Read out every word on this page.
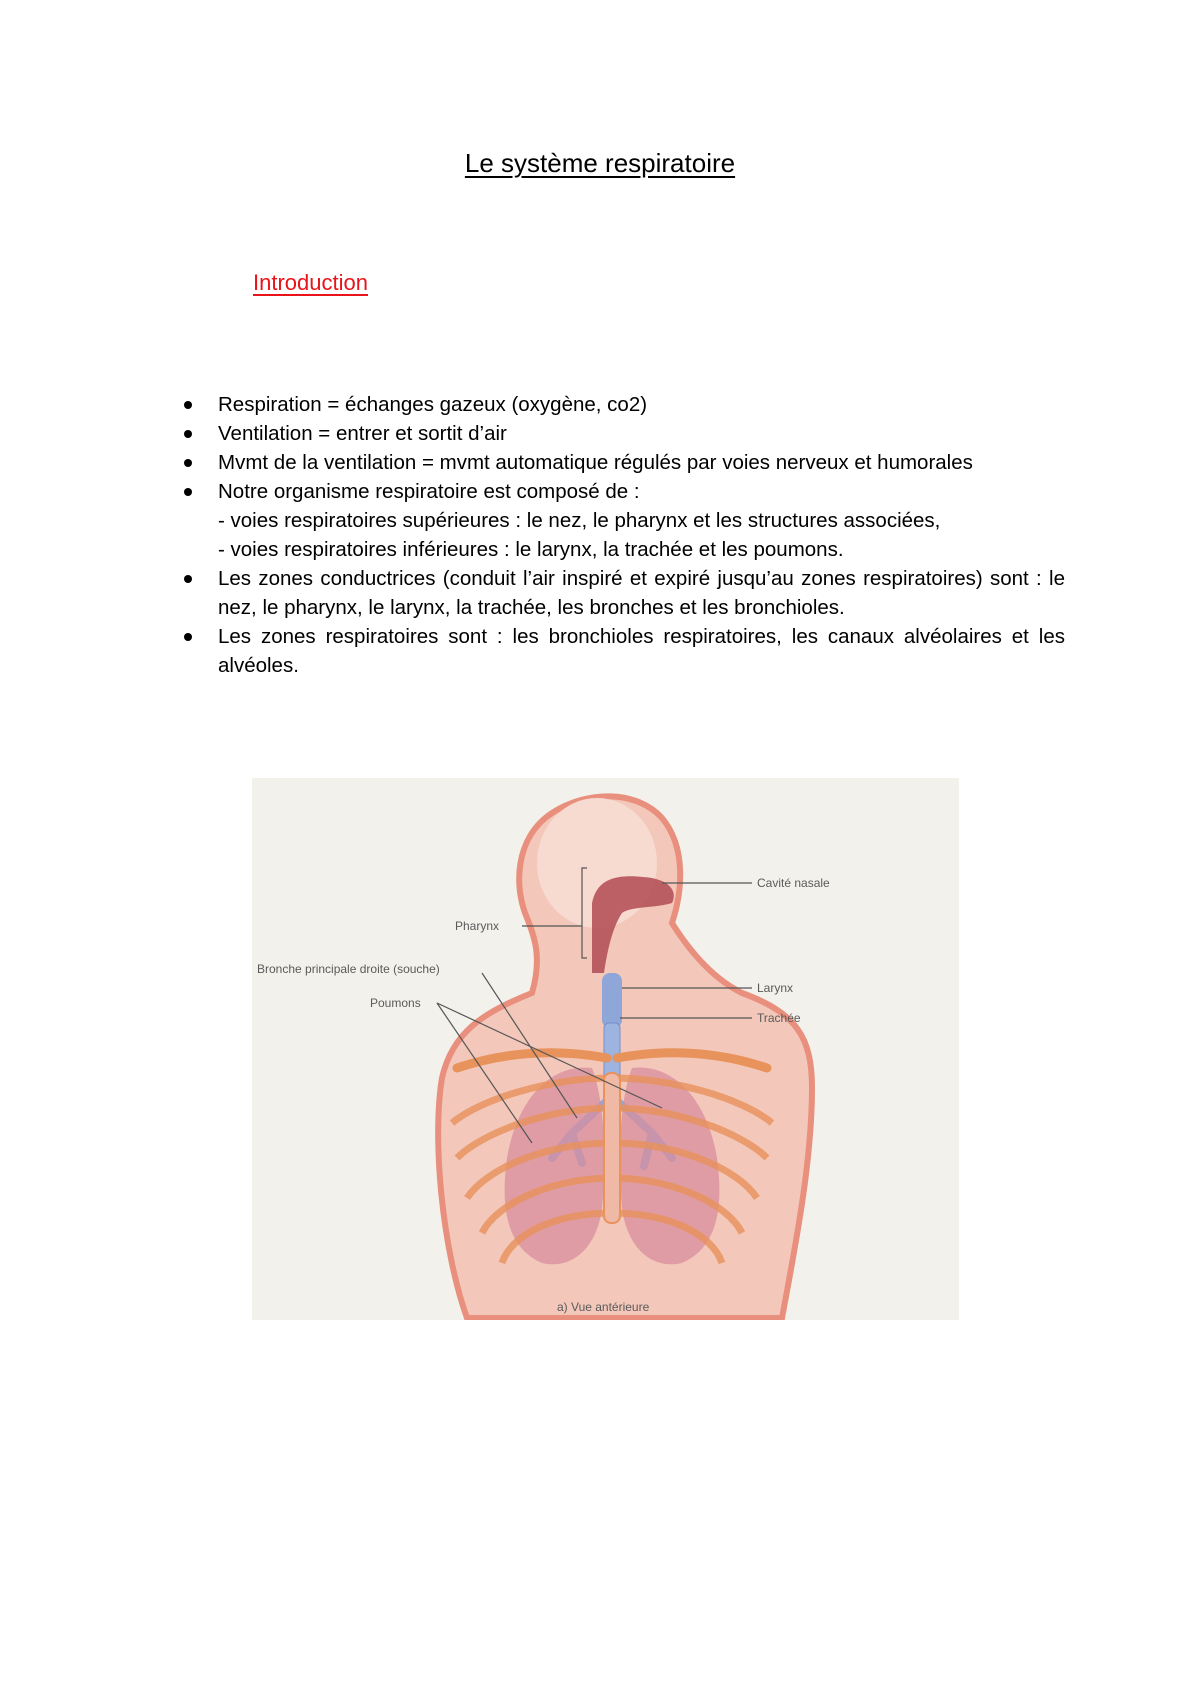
Le système respiratoire
Introduction
Respiration = échanges gazeux (oxygène, co2)
Ventilation = entrer et sortit d’air
Mvmt de la ventilation = mvmt automatique régulés par voies nerveux et humorales
Notre organisme respiratoire est composé de :
- voies respiratoires supérieures : le nez, le pharynx et les structures associées,
- voies respiratoires inférieures : le larynx, la trachée et les poumons.
Les zones conductrices (conduit l’air inspiré et expiré jusqu’au zones respiratoires) sont : le nez, le pharynx, le larynx, la trachée, les bronches et les bronchioles.
Les zones respiratoires sont : les bronchioles respiratoires, les canaux alvéolaires et les alvéoles.
Cavité nasale
Pharynx
Bronche principale droite (souche)
Larynx
Trachée
Poumons
a) Vue antérieure
